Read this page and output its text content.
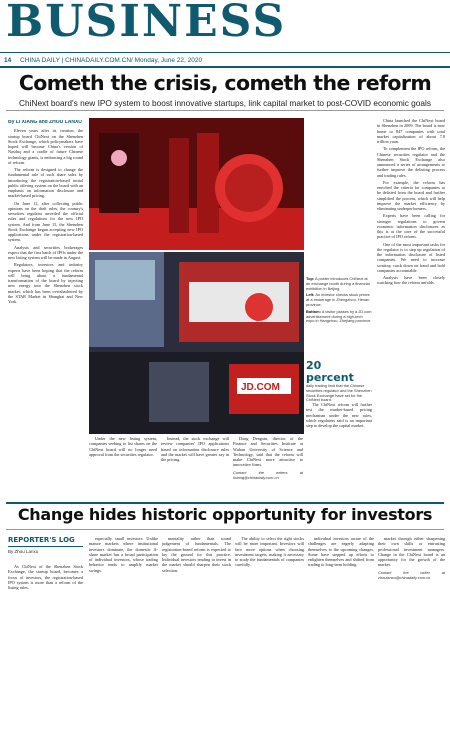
BUSINESS
14 CHINA DAILY | CHINADAILY.COM.CN/ Monday, June 22, 2020
Cometh the crisis, cometh the reform
ChiNext board's new IPO system to boost innovative startups, link capital market to post-COVID economic goals
By LI XIANG and ZHOU LANXU

Eleven years after its creation, the startup board ChiNext on the Shenzhen Stock Exchange, which policymakers have hoped will become China's version of Nasdaq and a cradle of future Chinese technology giants, is embracing a big round of reform.

The reform is designed to change the fundamental rule of such share sales by introducing the registration-based initial public offering system on the board with an emphasis on information disclosure and market-based pricing.

On June 12, after collecting public opinions on the draft rules, the country's securities regulator unveiled the official rules and regulations for the new IPO system. And from June 15, the Shenzhen Stock Exchange began accepting new IPO applications under the registration-based system.

Analysts and securities brokerages expect that the first batch of IPOs under the new listing system will be made in August.

Regulators, investors and industry experts have been hoping that the reform will bring about a fundamental transformation of the board by injecting new energy into the Shenzhen stock market, which has been overshadowed by the STAR Market in Shanghai and New York.

JD.COM
Top: A poster introduces ChiNext at an exchange booth during a financial exhibition in Beijing.
Left: An investor checks stock prices at a brokerage in Zhengzhou, Henan province.
Bottom: A visitor passes by a JD.com advertisement during a high-tech expo in Hangzhou, Zhejiang province.
20 percent
daily trading limit that the Chinese securities regulator and the Shenzhen Stock Exchange have set for the ChiNext board.

The ChiNext reform will further test the market-based pricing mechanism under the new rules, which regulators said is an important step to develop the capital market.

China launched the ChiNext board in Shenzhen in 2009. The board is now home to 847 companies with total market capitalization of about 7.8 trillion yuan.

To complement the IPO reform, the Chinese securities regulator and the Shenzhen Stock Exchange also announced a series of arrangements to further improve the delisting process and trading rules.

For example, the reform has enriched the criteria for companies to be delisted from the board and further simplified the process, which will help improve the market efficiency by eliminating underperformers.

Experts have been calling for stronger regulations to govern economic information disclosures as this is at the core of the successful practice of IPO reform.

One of the most important tasks for the regulator is to step up regulation of the information disclosure of listed companies. We need to increase scrutiny, crack down on fraud and hold companies accountable.

Analysts have been closely watching how the reform unfolds.

Under the new listing system, companies seeking to list shares on the ChiNext board will no longer need approval from the securities regulator.

Instead, the stock exchange will review companies' IPO applications based on information disclosure rules and the market will have greater say in the pricing.

Dong Dengxin, director of the Finance and Securities Institute at Wuhan University of Science and Technology, said that the reform will make ChiNext more attractive to innovative firms.

Contact the writers at lixiang@chinadaily.com.cn
Change hides historic opportunity for investors
REPORTER'S LOG
By Zhou Lanxu

As ChiNext of the Shenzhen Stock Exchange, the startup board, becomes a focus of investors, the registration-based IPO system is more than a reform of the listing rules.

especially small investors. Unlike mature markets where institutional investors dominate, the domestic A-share market has a broad participation of individual investors, whose trading behavior tends to amplify market swings.

mentality rather than sound judgement of fundamentals. The registration-based reform is expected to lay the ground for this practice. Individual investors tending to invest in the market should sharpen their stock selection.

The ability to select the right stocks will be more important. Investors will face more options when choosing investment targets, making it necessary to study the fundamentals of companies carefully.

individual investors aware of the challenges are eagerly adapting themselves to the upcoming changes. Some have stepped up efforts to enlighten themselves and shifted from trading to long-term holding.

market through either sharpening their own skills or entrusting professional investment managers. Change in the ChiNext board is an opportunity for the growth of the market.

Contact the writer at zhoulanxu@chinadaily.com.cn
